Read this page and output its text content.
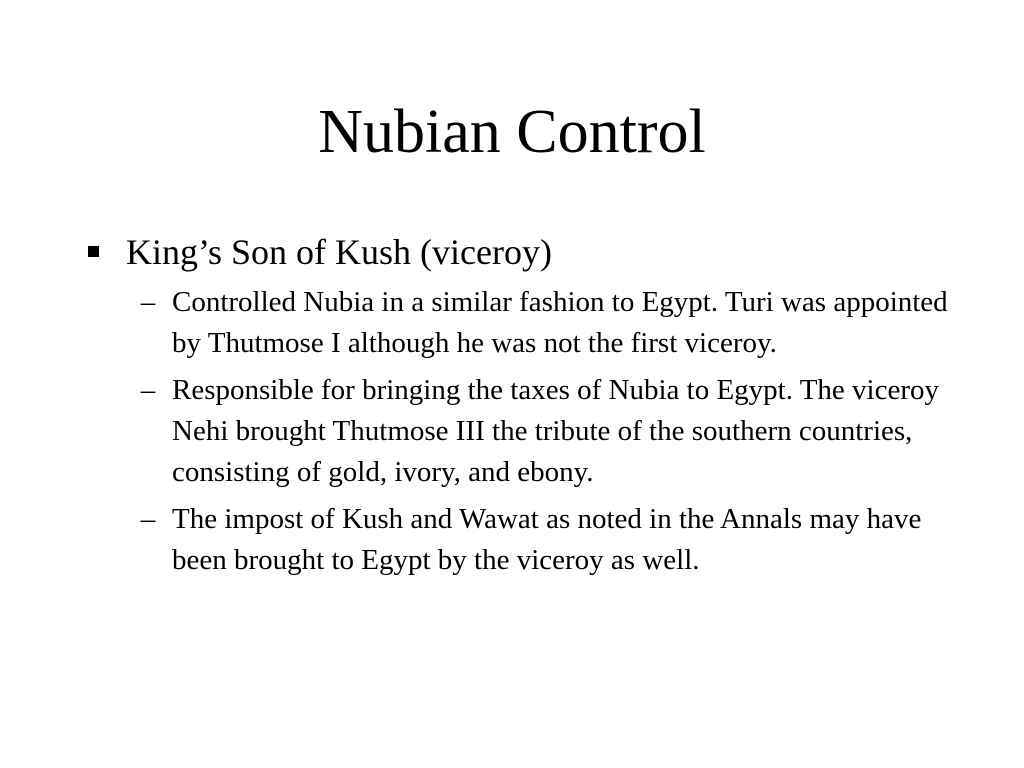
Nubian Control
King’s Son of Kush (viceroy)
– Controlled Nubia in a similar fashion to Egypt. Turi was appointed by Thutmose I although he was not the first viceroy.
– Responsible for bringing the taxes of Nubia to Egypt. The viceroy Nehi brought Thutmose III the tribute of the southern countries, consisting of gold, ivory, and ebony.
– The impost of Kush and Wawat as noted in the Annals may have been brought to Egypt by the viceroy as well.
